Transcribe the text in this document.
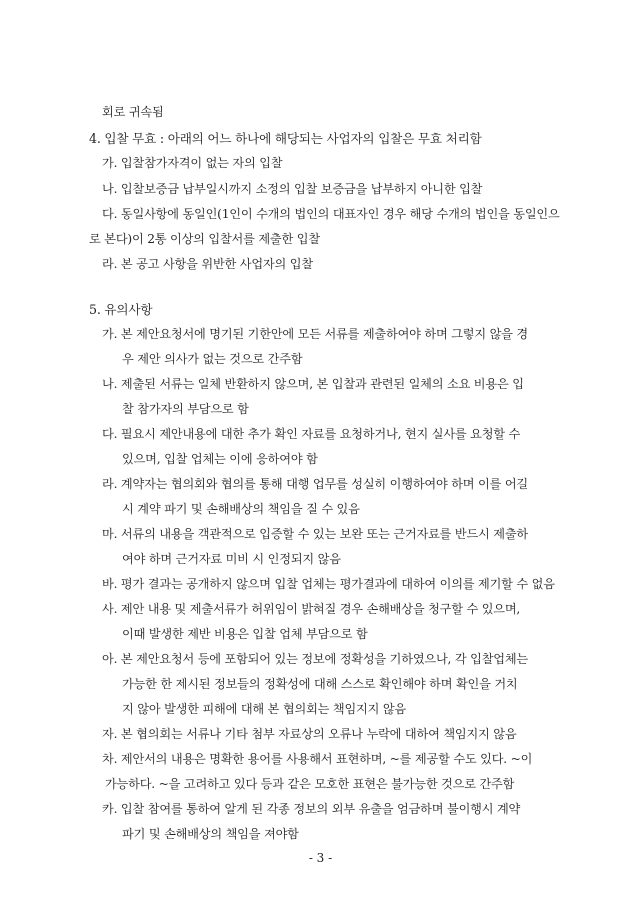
회로 귀속됨
4. 입찰 무효 : 아래의 어느 하나에 해당되는 사업자의 입찰은 무효 처리함
가. 입찰참가자격이 없는 자의 입찰
나. 입찰보증금 납부일시까지 소정의 입찰 보증금을 납부하지 아니한 입찰
다. 동일사항에 동일인(1인이 수개의 법인의 대표자인 경우 해당 수개의 법인을 동일인으
로 본다)이 2통 이상의 입찰서를 제출한 입찰
라. 본 공고 사항을 위반한 사업자의 입찰
5. 유의사항
가. 본 제안요청서에 명기된 기한안에 모든 서류를 제출하여야 하며 그렇지 않을 경
우 제안 의사가 없는 것으로 간주함
나. 제출된 서류는 일체 반환하지 않으며, 본 입찰과 관련된 일체의 소요 비용은 입
찰 참가자의 부담으로 함
다. 필요시 제안내용에 대한 추가 확인 자료를 요청하거나, 현지 실사를 요청할 수
있으며, 입찰 업체는 이에 응하여야 함
라. 계약자는 협의회와 협의를 통해 대행 업무를 성실히 이행하여야 하며 이를 어길
시 계약 파기 및 손해배상의 책임을 질 수 있음
마. 서류의 내용을 객관적으로 입증할 수 있는 보완 또는 근거자료를 반드시 제출하
여야 하며 근거자료 미비 시 인정되지 않음
바. 평가 결과는 공개하지 않으며 입찰 업체는 평가결과에 대하여 이의를 제기할 수 없음
사. 제안 내용 및 제출서류가 허위임이 밝혀질 경우 손해배상을 청구할 수 있으며,
이때 발생한 제반 비용은 입찰 업체 부담으로 함
아. 본 제안요청서 등에 포함되어 있는 정보에 정확성을 기하였으나, 각 입찰업체는
가능한 한 제시된 정보들의 정확성에 대해 스스로 확인해야 하며 확인을 거치
지 않아 발생한 피해에 대해 본 협의회는 책임지지 않음
자. 본 협의회는 서류나 기타 첨부 자료상의 오류나 누락에 대하여 책임지지 않음
차. 제안서의 내용은 명확한 용어를 사용해서 표현하며, ~를 제공할 수도 있다. ~이
가능하다. ~을 고려하고 있다 등과 같은 모호한 표현은 불가능한 것으로 간주함
카. 입찰 참여를 통하여 알게 된 각종 정보의 외부 유출을 엄금하며 불이행시 계약
파기 및 손해배상의 책임을 져야함
- 3 -
